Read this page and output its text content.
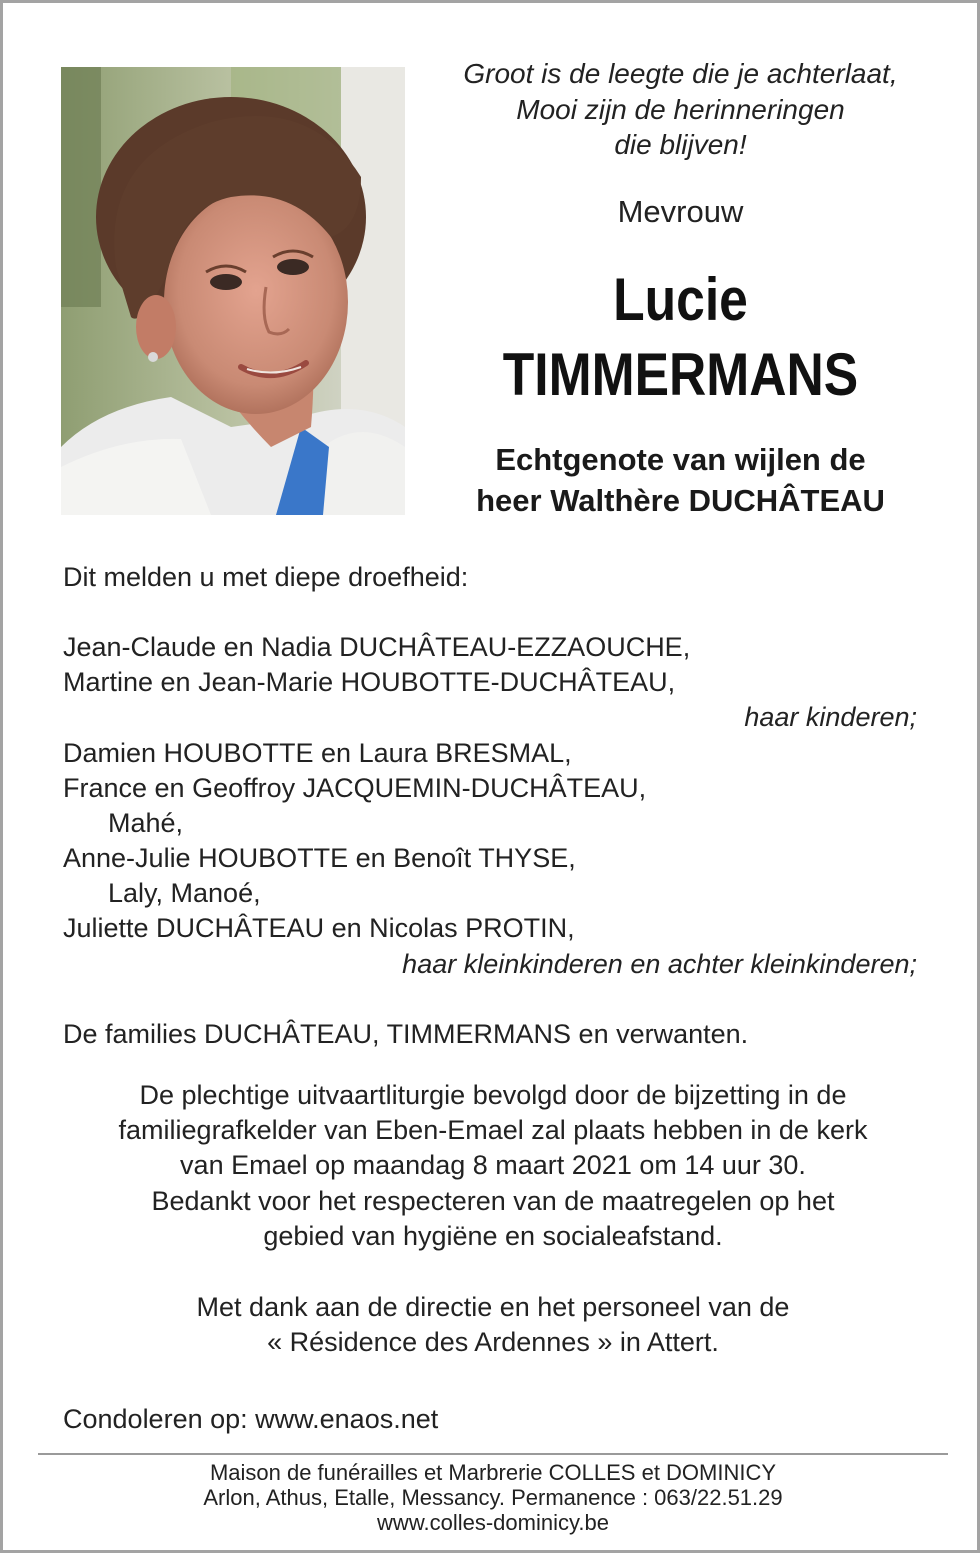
Groot is de leegte die je achterlaat,
Mooi zijn de herinneringen
die blijven!
Mevrouw
Lucie
TIMMERMANS
Echtgenote van wijlen de
heer Walthère DUCHÂTEAU
Dit melden u met diepe droefheid:
Jean-Claude en Nadia DUCHÂTEAU-EZZAOUCHE,
Martine en Jean-Marie HOUBOTTE-DUCHÂTEAU,
haar kinderen;
Damien HOUBOTTE en Laura BRESMAL,
France en Geoffroy JACQUEMIN-DUCHÂTEAU,
Mahé,
Anne-Julie HOUBOTTE en Benoît THYSE,
Laly, Manoé,
Juliette DUCHÂTEAU en Nicolas PROTIN,
haar kleinkinderen en achter kleinkinderen;
De families DUCHÂTEAU, TIMMERMANS en verwanten.
De plechtige uitvaartliturgie bevolgd door de bijzetting in de
familiegrafkelder van Eben-Emael zal plaats hebben in de kerk
van Emael op maandag 8 maart 2021 om 14 uur 30.
Bedankt voor het respecteren van de maatregelen op het
gebied van hygiëne en socialeafstand.
Met dank aan de directie en het personeel van de
« Résidence des Ardennes » in Attert.
Condoleren op: www.enaos.net
Maison de funérailles et Marbrerie COLLES et DOMINICY
Arlon, Athus, Etalle, Messancy. Permanence : 063/22.51.29
www.colles-dominicy.be
